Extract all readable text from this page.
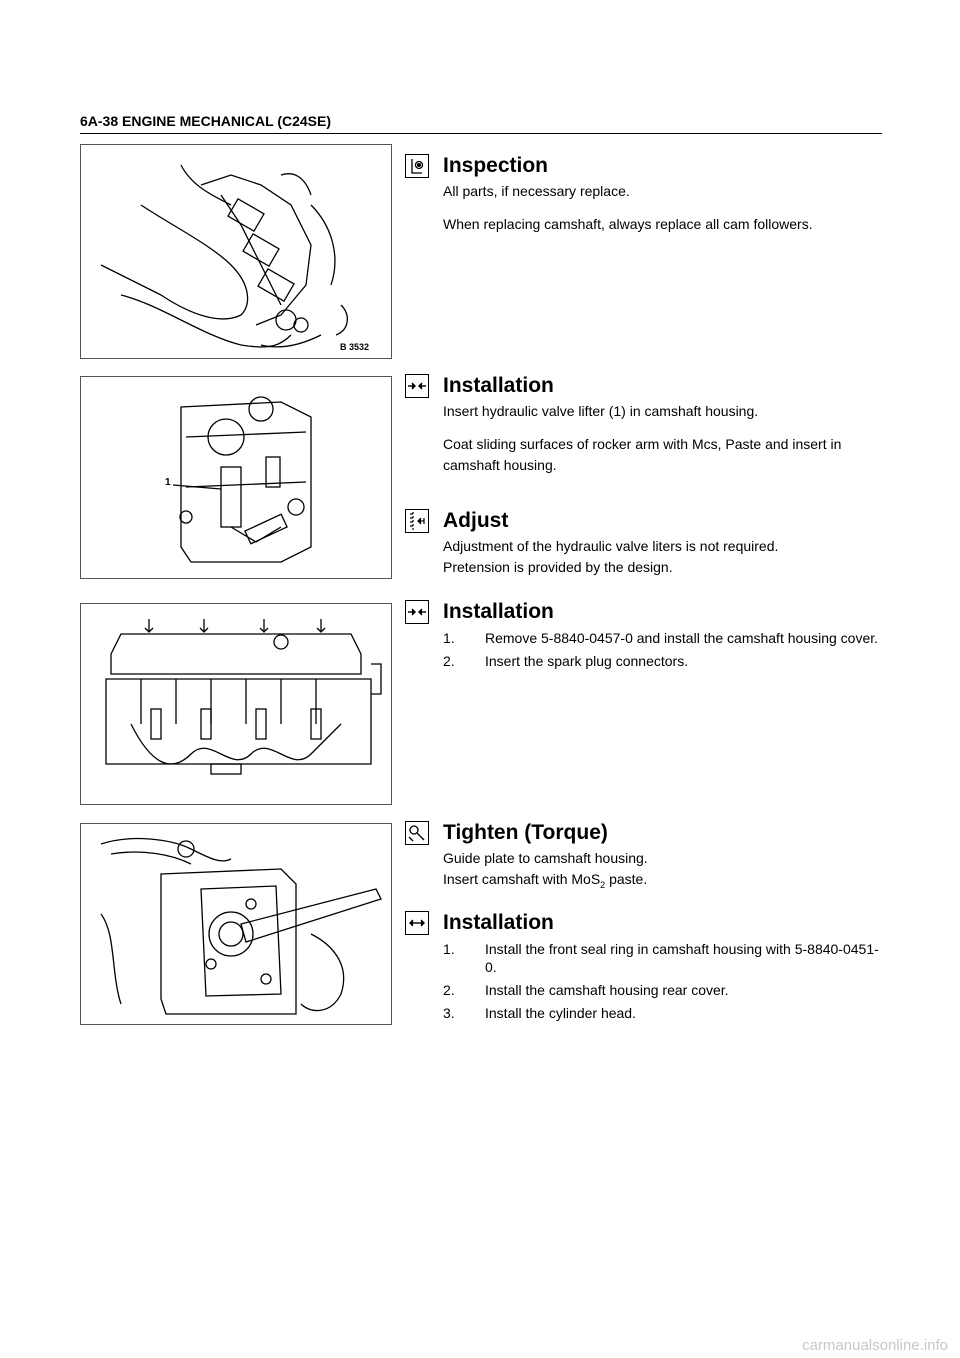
6A-38 ENGINE MECHANICAL (C24SE)
B 3532
1
Inspection
All parts, if necessary replace.
When replacing camshaft, always replace all cam followers.
Installation
Insert hydraulic valve lifter (1) in camshaft housing.
Coat sliding surfaces of rocker arm with Mcs, Paste and insert in camshaft housing.
Adjust
Adjustment of the hydraulic valve liters is not required.
Pretension is provided by the design.
Installation
1.	Remove 5-8840-0457-0 and install the camshaft housing cover.
2.	Insert the spark plug connectors.
Tighten (Torque)
Guide plate to camshaft housing.
Insert camshaft with MoS$_2$ paste.
Installation
1.	Install the front seal ring in camshaft housing with 5-8840-0451-0.
2.	Install the camshaft housing rear cover.
3.	Install the cylinder head.
carmanualsonline.info
